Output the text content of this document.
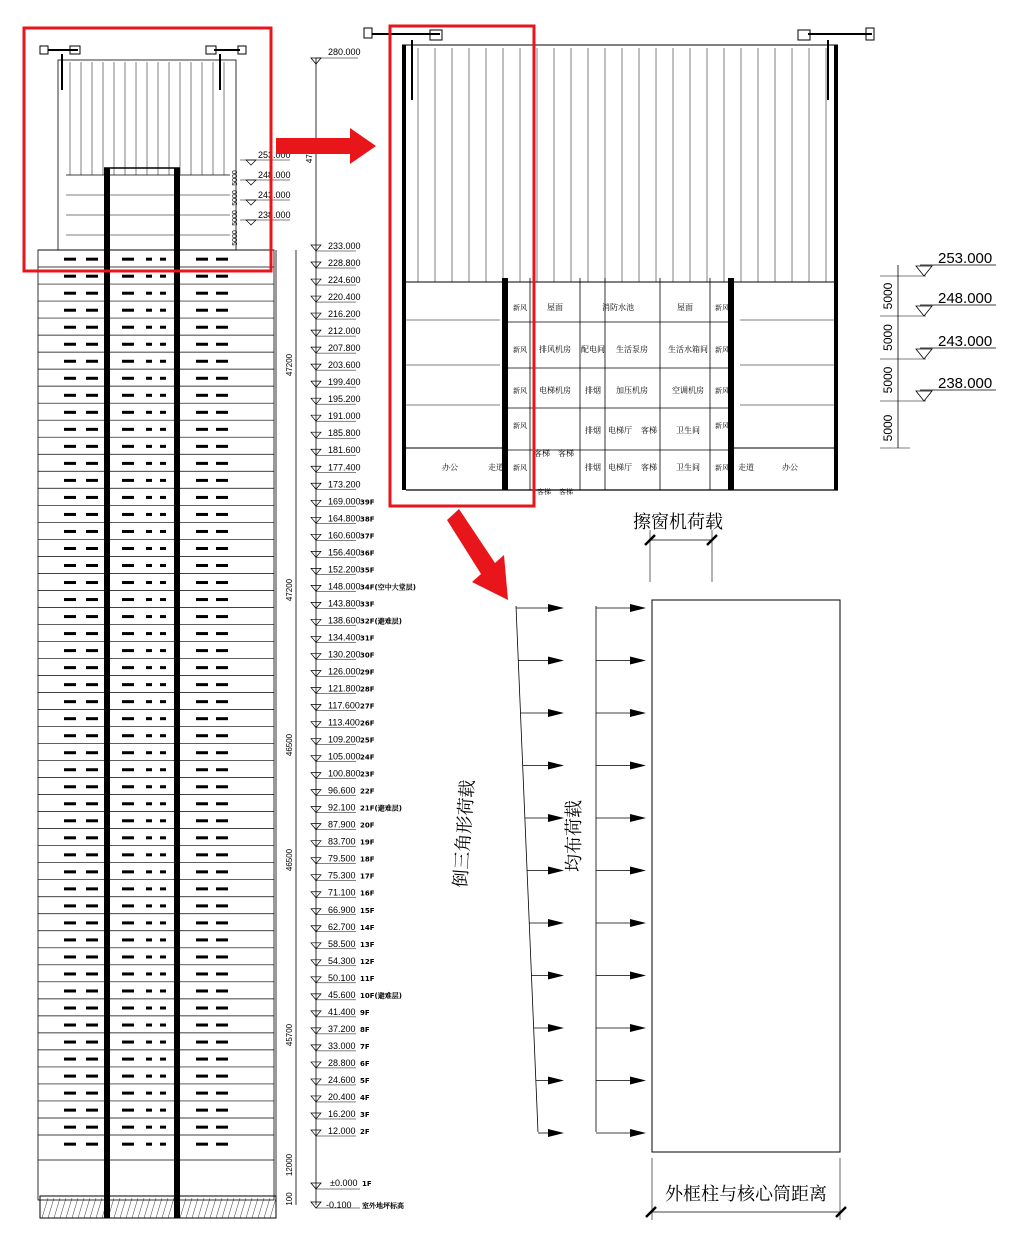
47200
47200
46500
46500
45700
12000
100
280.000
253.000
248.000
243.000
238.000
5000
5000
5000
5000
233.000
228.800
224.600
220.400
216.200
212.000
207.800
203.600
199.400
195.200
191.000
185.800
181.600
177.400
173.200
169.000 39F
164.800 38F
160.600 37F
156.400 36F
152.200 35F
148.000 34F(空中大堂层)
143.800 33F
138.600 32F(避难层)
134.400 31F
130.200 30F
126.000 29F
121.800 28F
117.600 27F
113.400 26F
109.200 25F
105.000 24F
100.800 23F
96.600 22F
92.100 21F(避难层)
87.900 20F
83.700 19F
79.500 18F
75.300 17F
71.100 16F
66.900 15F
62.700 14F
58.500 13F
54.300 12F
50.100 11F
45.600 10F(避难层)
41.400 9F
37.200 8F
33.000 7F
28.800 6F
24.600 5F
20.400 4F
16.200 3F
12.000 2F
±0.000 1F
-0.100 室外地坪标高
屋面	消防水池	屋面
排风机房 配电间 生活泵房	生活水箱间
电梯机房 排烟 加压机房	空调机房
电梯厅 客梯 卫生间
办公	走道
客梯 客梯
排烟 电梯厅 客梯 卫生间	走道	办公
排烟
新风
新风
新风
新风
新风
新风
新风
新风
新风
新风
客梯 客梯
253.000
248.000
243.000
238.000
5000
5000
5000
5000
擦窗机荷载
倒三角形荷载	均布荷载
外框柱与核心筒距离
